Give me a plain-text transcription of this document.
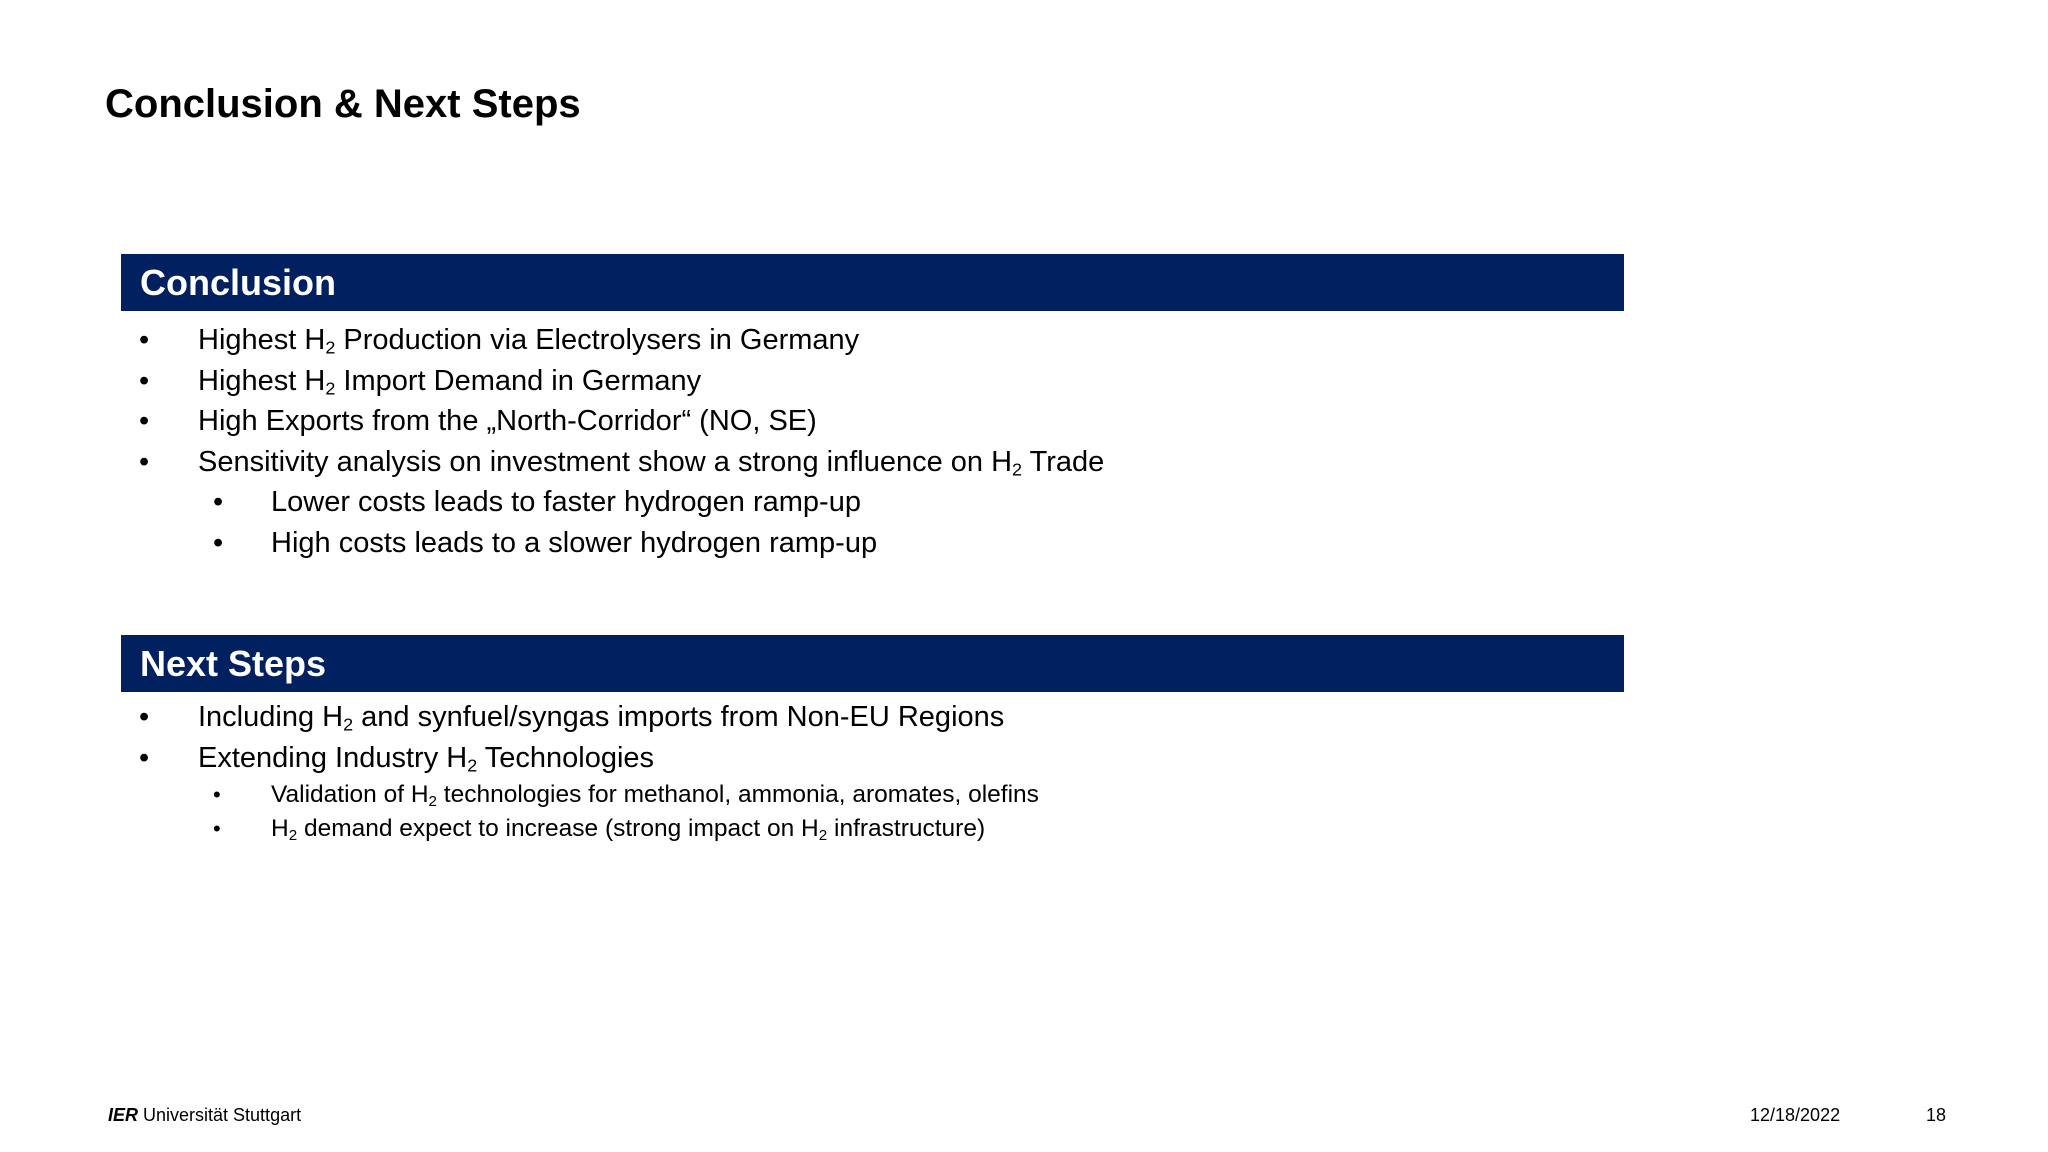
Conclusion & Next Steps
Conclusion
• Highest $H_2$ Production via Electrolysers in Germany
• Highest $H_2$ Import Demand in Germany
• High Exports from the „North-Corridor“ (NO, SE)
• Sensitivity analysis on investment show a strong influence on $H_2$ Trade
• Lower costs leads to faster hydrogen ramp-up
• High costs leads to a slower hydrogen ramp-up
Next Steps
• Including $H_2$ and synfuel/syngas imports from Non-EU Regions
• Extending Industry $H_2$ Technologies
• Validation of $H_2$ technologies for methanol, ammonia, aromates, olefins
• $H_2$ demand expect to increase (strong impact on $H_2$ infrastructure)
IER Universität Stuttgart	12/18/2022	18
